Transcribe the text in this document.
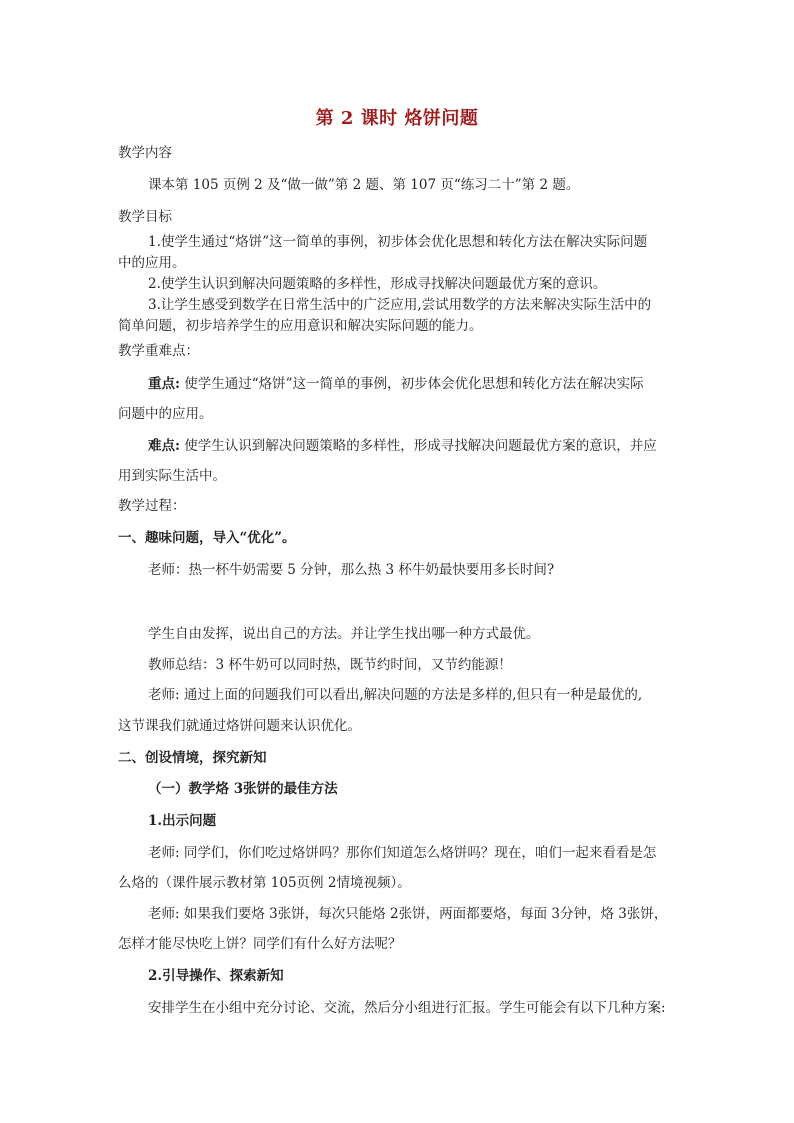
第 2 课时 烙饼问题
教学内容
课本第 105 页例 2 及“做一做”第 2 题、第 107 页“练习二十”第 2 题。
教学目标
1.使学生通过“烙饼”这一简单的事例，初步体会优化思想和转化方法在解决实际问题
中的应用。
2.使学生认识到解决问题策略的多样性，形成寻找解决问题最优方案的意识。
3.让学生感受到数学在日常生活中的广泛应用,尝试用数学的方法来解决实际生活中的
简单问题，初步培养学生的应用意识和解决实际问题的能力。
教学重难点：
重点: 使学生通过“烙饼”这一简单的事例，初步体会优化思想和转化方法在解决实际
问题中的应用。
难点: 使学生认识到解决问题策略的多样性，形成寻找解决问题最优方案的意识，并应
用到实际生活中。
教学过程：
一、趣味问题，导入“优化”。
老师：热一杯牛奶需要 5 分钟，那么热 3 杯牛奶最快要用多长时间?
学生自由发挥，说出自己的方法。并让学生找出哪一种方式最优。
教师总结：3 杯牛奶可以同时热，既节约时间，又节约能源！
老师: 通过上面的问题我们可以看出,解决问题的方法是多样的,但只有一种是最优的,
这节课我们就通过烙饼问题来认识优化。
二、创设情境，探究新知
（一）教学烙 3张饼的最佳方法
1.出示问题
老师: 同学们，你们吃过烙饼吗？那你们知道怎么烙饼吗？现在，咱们一起来看看是怎
么烙的（课件展示教材第 105页例 2情境视频）。
老师: 如果我们要烙 3张饼，每次只能烙 2张饼，两面都要烙，每面 3分钟，烙 3张饼，
怎样才能尽快吃上饼？同学们有什么好方法呢？
2.引导操作、探索新知
安排学生在小组中充分讨论、交流，然后分小组进行汇报。学生可能会有以下几种方案:
